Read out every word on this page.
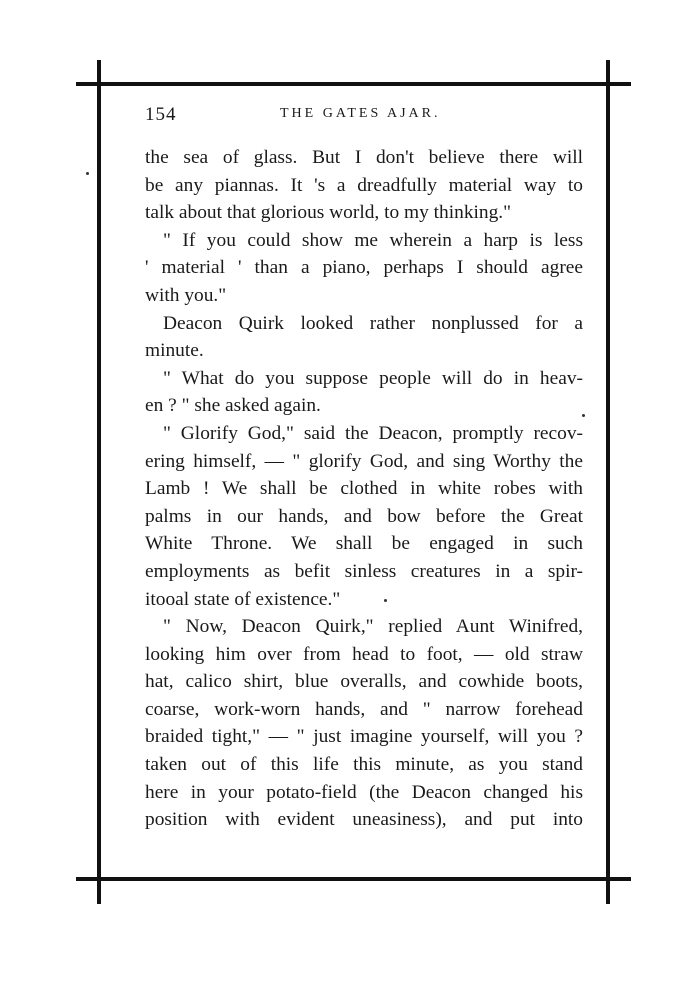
154	THE GATES AJAR.
the sea of glass. But I don't believe there will
be any piannas. It 's a dreadfully material way to
talk about that glorious world, to my thinking."
" If you could show me wherein a harp is less
' material ' than a piano, perhaps I should agree
with you."
Deacon Quirk looked rather nonplussed for a
minute.
" What do you suppose people will do in heav-
en ? " she asked again.
" Glorify God," said the Deacon, promptly recov-
ering himself, — " glorify God, and sing Worthy the
Lamb ! We shall be clothed in white robes with
palms in our hands, and bow before the Great
White Throne. We shall be engaged in such
employments as befit sinless creatures in a spir-
itooal state of existence."
" Now, Deacon Quirk," replied Aunt Winifred,
looking him over from head to foot, — old straw
hat, calico shirt, blue overalls, and cowhide boots,
coarse, work-worn hands, and " narrow forehead
braided tight," — " just imagine yourself, will you ?
taken out of this life this minute, as you stand
here in your potato-field (the Deacon changed his
position with evident uneasiness), and put into
